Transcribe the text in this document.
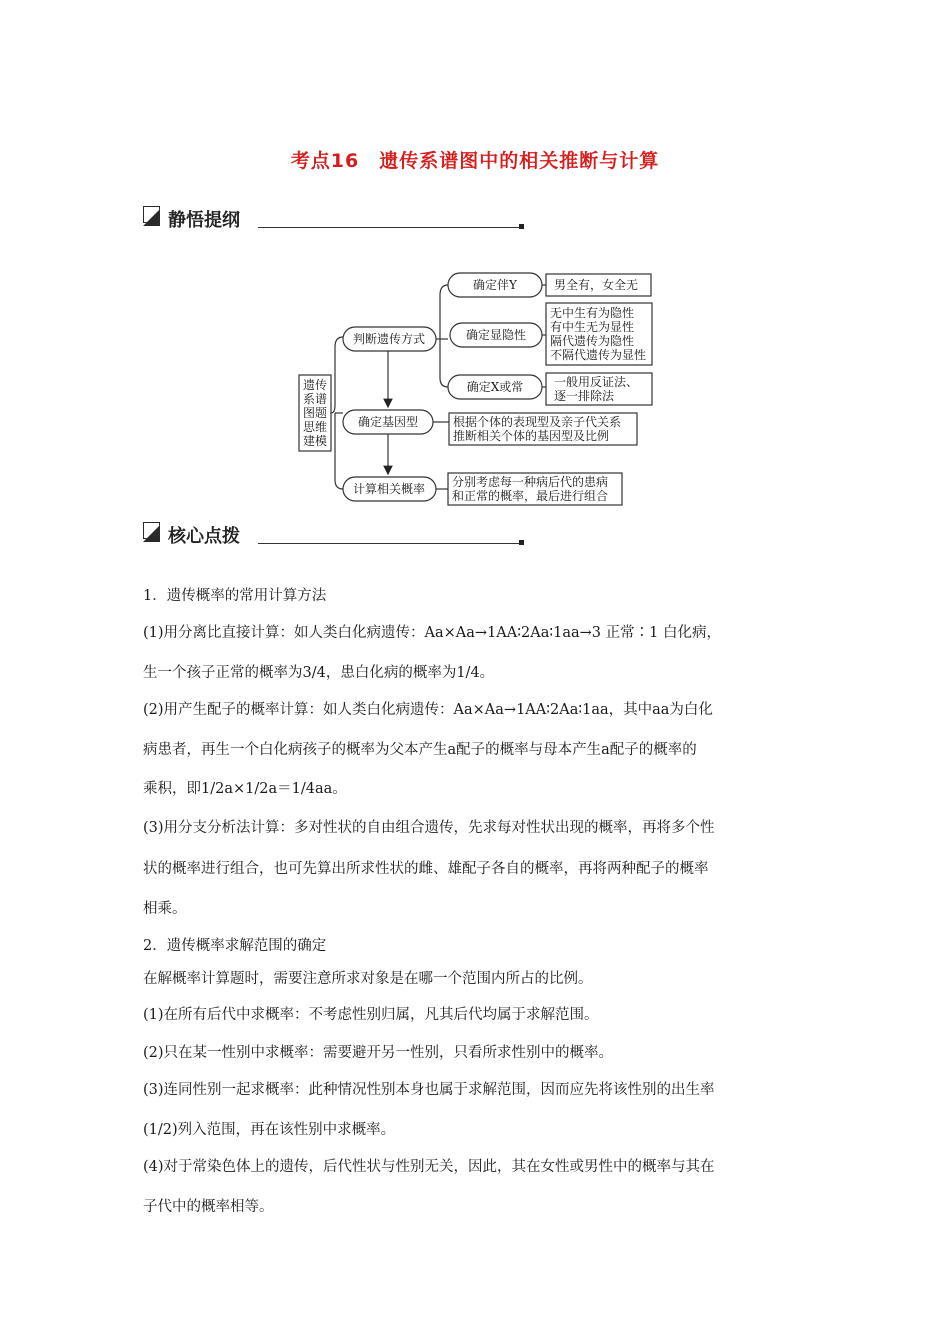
考点16　遗传系谱图中的相关推断与计算
静悟提纲
遗传
系谱
图题
思维
建模
判断遗传方式
确定基因型
计算相关概率
确定伴Y
确定显隐性
确定X或常
男全有，女全无
无中生有为隐性
有中生无为显性
隔代遗传为隐性
不隔代遗传为显性
一般用反证法、
逐一排除法
根据个体的表现型及亲子代关系
推断相关个体的基因型及比例
分别考虑每一种病后代的患病
和正常的概率，最后进行组合
核心点拨
1．遗传概率的常用计算方法
(1)用分离比直接计算：如人类白化病遗传：Aa×Aa→1AA∶2Aa∶1aa→3 正常∶1 白化病，
生一个孩子正常的概率为3/4，患白化病的概率为1/4。
(2)用产生配子的概率计算：如人类白化病遗传：Aa×Aa→1AA∶2Aa∶1aa，其中aa为白化
病患者，再生一个白化病孩子的概率为父本产生a配子的概率与母本产生a配子的概率的
乘积，即1/2a×1/2a＝1/4aa。
(3)用分支分析法计算：多对性状的自由组合遗传，先求每对性状出现的概率，再将多个性
状的概率进行组合，也可先算出所求性状的雌、雄配子各自的概率，再将两种配子的概率
相乘。
2．遗传概率求解范围的确定
在解概率计算题时，需要注意所求对象是在哪一个范围内所占的比例。
(1)在所有后代中求概率：不考虑性别归属，凡其后代均属于求解范围。
(2)只在某一性别中求概率：需要避开另一性别，只看所求性别中的概率。
(3)连同性别一起求概率：此种情况性别本身也属于求解范围，因而应先将该性别的出生率
(1/2)列入范围，再在该性别中求概率。
(4)对于常染色体上的遗传，后代性状与性别无关，因此，其在女性或男性中的概率与其在
子代中的概率相等。
